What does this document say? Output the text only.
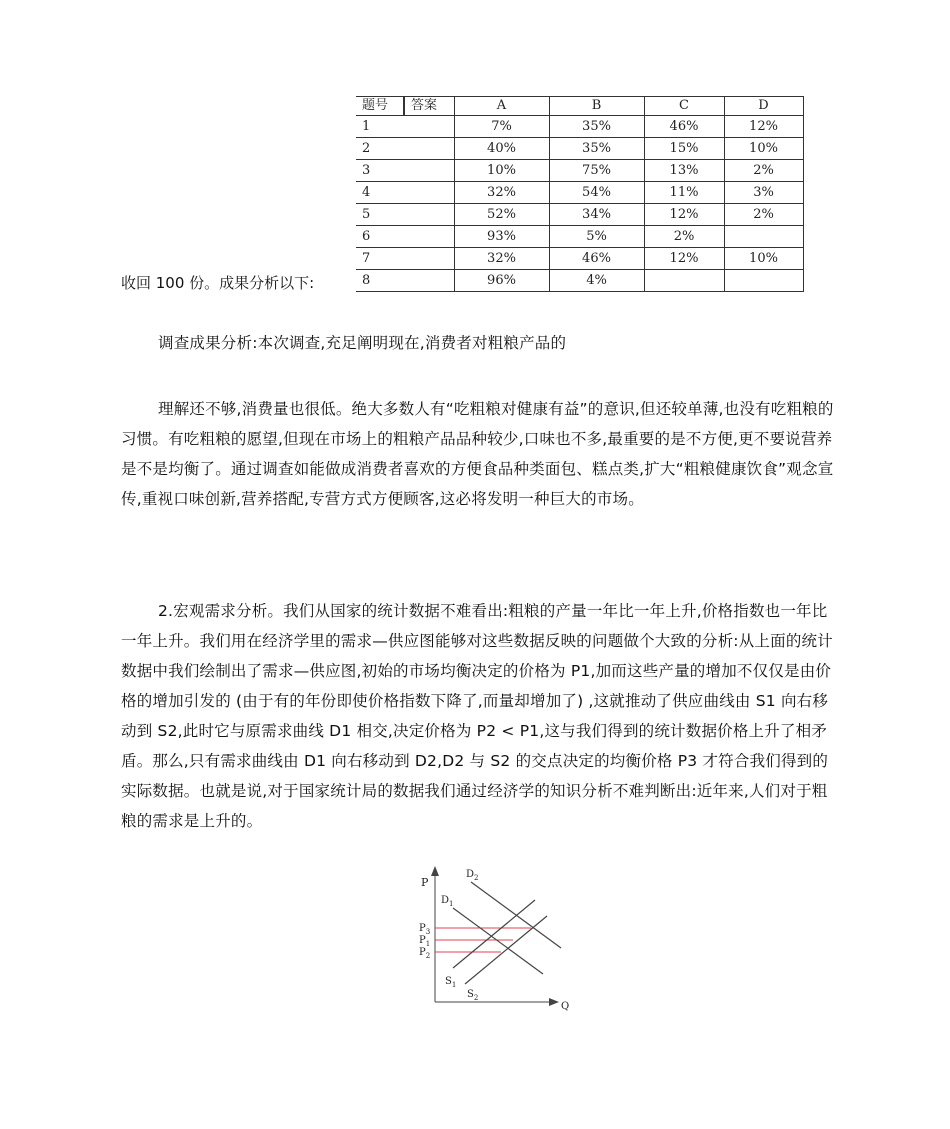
题号	答案	A	B	C	D
1		7%	35%	46%	12%
2		40%	35%	15%	10%
3		10%	75%	13%	2%
4		32%	54%	11%	3%
5		52%	34%	12%	2%
6		93%	5%	2%	
7		32%	46%	12%	10%
8		96%	4%		
收回 100 份。成果分析以下:

调查成果分析:本次调查,充足阐明现在,消费者对粗粮产品的

理解还不够,消费量也很低。绝大多数人有“吃粗粮对健康有益”的意识,但还较单薄,也没有吃粗粮的习惯。有吃粗粮的愿望,但现在市场上的粗粮产品品种较少,口味也不多,最重要的是不方便,更不要说营养是不是均衡了。通过调查如能做成消费者喜欢的方便食品种类面包、糕点类,扩大“粗粮健康饮食”观念宣传,重视口味创新,营养搭配,专营方式方便顾客,这必将发明一种巨大的市场。

2.宏观需求分析。我们从国家的统计数据不难看出:粗粮的产量一年比一年上升,价格指数也一年比一年上升。我们用在经济学里的需求—供应图能够对这些数据反映的问题做个大致的分析:从上面的统计数据中我们绘制出了需求—供应图,初始的市场均衡决定的价格为 P1,加而这些产量的增加不仅仅是由价格的增加引发的 (由于有的年份即使价格指数下降了,而量却增加了) ,这就推动了供应曲线由 S1 向右移动到 S2,此时它与原需求曲线 D1 相交,决定价格为 P2 < P1,这与我们得到的统计数据价格上升了相矛盾。那么,只有需求曲线由 D1 向右移动到 D2,D2 与 S2 的交点决定的均衡价格 P3 才符合我们得到的实际数据。也就是说,对于国家统计局的数据我们通过经济学的知识分析不难判断出:近年来,人们对于粗粮的需求是上升的。

P
Q
$D_1$
$D_2$
$S_1$
$S_2$
$P_3$
$P_1$
$P_2$
